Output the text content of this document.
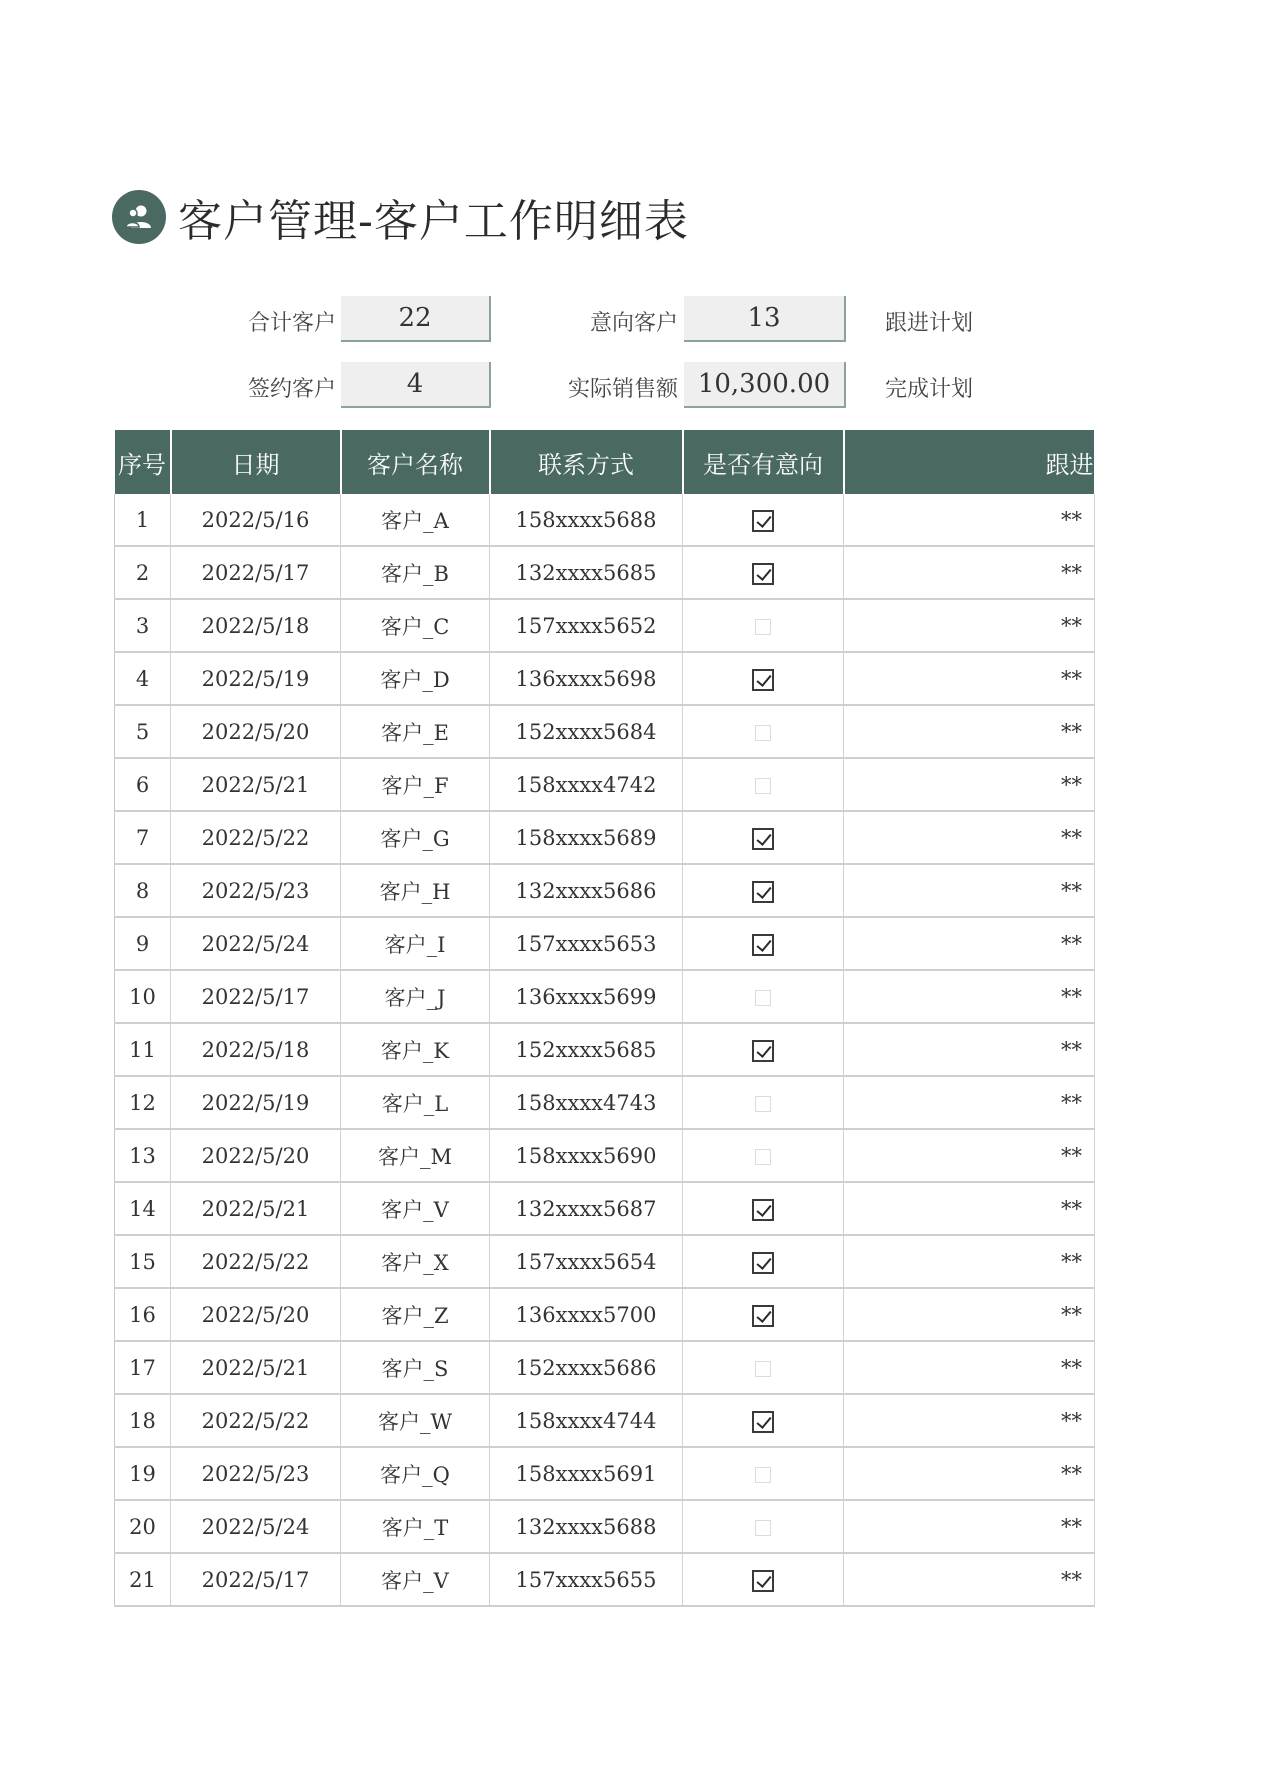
客户管理-客户工作明细表
合计客户	22	意向客户	13	跟进计划
签约客户	4	实际销售额 10,300.00	完成计划
序号	日期	客户名称	联系方式	是否有意向	跟进
1	2022/5/16	客户_A	158xxxx5688		**
2	2022/5/17	客户_B	132xxxx5685		**
3	2022/5/18	客户_C	157xxxx5652		**
4	2022/5/19	客户_D	136xxxx5698		**
5	2022/5/20	客户_E	152xxxx5684		**
6	2022/5/21	客户_F	158xxxx4742		**
7	2022/5/22	客户_G	158xxxx5689		**
8	2022/5/23	客户_H	132xxxx5686		**
9	2022/5/24	客户_I	157xxxx5653		**
10	2022/5/17	客户_J	136xxxx5699		**
11	2022/5/18	客户_K	152xxxx5685		**
12	2022/5/19	客户_L	158xxxx4743		**
13	2022/5/20	客户_M	158xxxx5690		**
14	2022/5/21	客户_V	132xxxx5687		**
15	2022/5/22	客户_X	157xxxx5654		**
16	2022/5/20	客户_Z	136xxxx5700		**
17	2022/5/21	客户_S	152xxxx5686		**
18	2022/5/22	客户_W	158xxxx4744		**
19	2022/5/23	客户_Q	158xxxx5691		**
20	2022/5/24	客户_T	132xxxx5688		**
21	2022/5/17	客户_V	157xxxx5655		**
